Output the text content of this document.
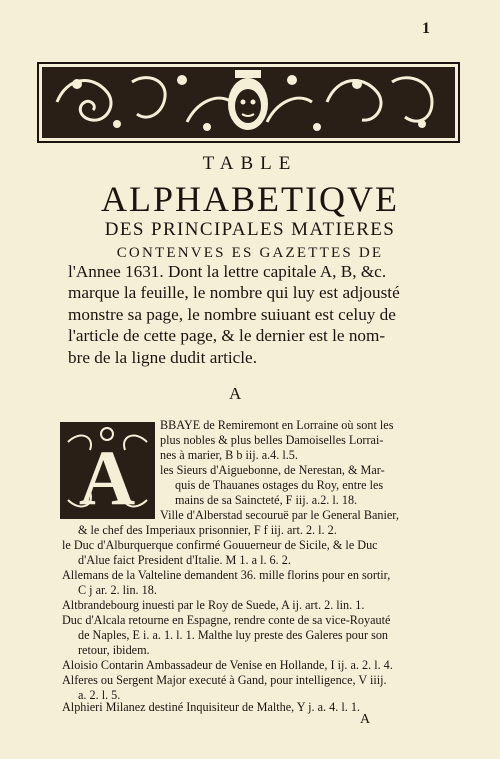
1
TABLE
ALPHABETIQVE
DES PRINCIPALES MATIERES
CONTENVES ES GAZETTES DE
l'Annee 1631. Dont la lettre capitale A, B, &c.
marque la feuille, le nombre qui luy est adjousté
monstre sa page, le nombre suiuant est celuy de
l'article de cette page, & le dernier est le nom-
bre de la ligne dudit article.
A
A
BBAYE de Remiremont en Lorraine où sont les
plus nobles & plus belles Damoiselles Lorrai-
nes à marier, B b iij. a.4. l.5.
les Sieurs d'Aiguebonne, de Nerestan, & Mar-
quis de Thauanes ostages du Roy, entre les
mains de sa Saincteté, F iij. a.2. l. 18.
Ville d'Alberstad secouruë par le General Banier,
& le chef des Imperiaux prisonnier, F f iij. art. 2. l. 2.
le Duc d'Alburquerque confirmé Gouuerneur de Sicile, & le Duc
d'Alue faict President d'Italie. M 1. a l. 6. 2.
Allemans de la Valteline demandent 36. mille florins pour en sortir,
C j ar. 2. lin. 18.
Altbrandebourg inuesti par le Roy de Suede, A ij. art. 2. lin. 1.
Duc d'Alcala retourne en Espagne, rendre conte de sa vice-Royauté
de Naples, E i. a. 1. l. 1. Malthe luy preste des Galeres pour son
retour, ibidem.
Aloisio Contarin Ambassadeur de Venise en Hollande, I ij. a. 2. l. 4.
Alferes ou Sergent Major executé à Gand, pour intelligence, V iiij.
a. 2. l. 5.
Alphieri Milanez destiné Inquisiteur de Malthe, Y j. a. 4. l. 1.
A
